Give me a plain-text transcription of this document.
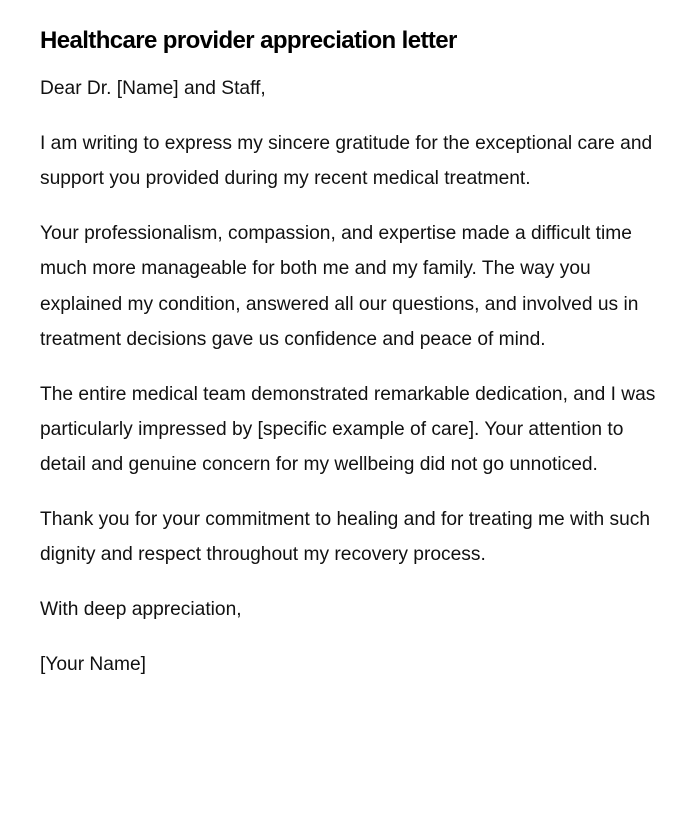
Healthcare provider appreciation letter

Dear Dr. [Name] and Staff,

I am writing to express my sincere gratitude for the exceptional care and support you provided during my recent medical treatment.

Your professionalism, compassion, and expertise made a difficult time much more manageable for both me and my family. The way you explained my condition, answered all our questions, and involved us in treatment decisions gave us confidence and peace of mind.

The entire medical team demonstrated remarkable dedication, and I was particularly impressed by [specific example of care]. Your attention to detail and genuine concern for my wellbeing did not go unnoticed.

Thank you for your commitment to healing and for treating me with such dignity and respect throughout my recovery process.

With deep appreciation,

[Your Name]
